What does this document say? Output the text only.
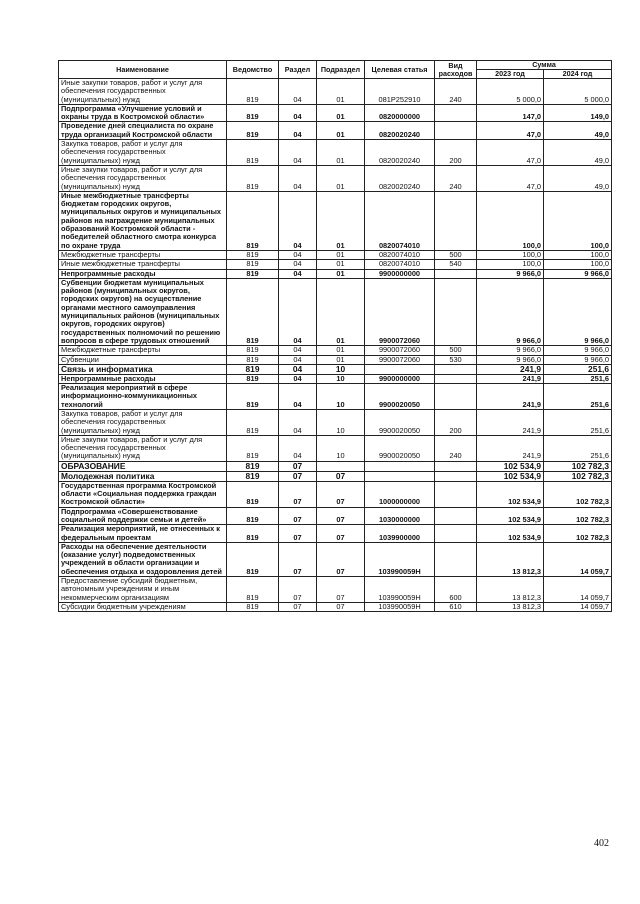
Наименование	Ведомство	Раздел	Подраздел	Целевая статья	Вид расходов	Сумма	
						2023 год	2024 год
Иные закупки товаров, работ и услуг для обеспечения государственных (муниципальных) нужд	819	04	01	081P252910	240	5 000,0	5 000,0
Подпрограмма «Улучшение условий и охраны труда в Костромской области»	819	04	01	0820000000		147,0	149,0
Проведение дней специалиста по охране труда организаций Костромской области	819	04	01	0820020240		47,0	49,0
Закупка товаров, работ и услуг для обеспечения государственных (муниципальных) нужд	819	04	01	0820020240	200	47,0	49,0
Иные закупки товаров, работ и услуг для обеспечения государственных (муниципальных) нужд	819	04	01	0820020240	240	47,0	49,0
Иные межбюджетные трансферты бюджетам городских округов, муниципальных округов и муниципальных районов на награждение муниципальных образований Костромской области - победителей областного смотра конкурса по охране труда	819	04	01	0820074010		100,0	100,0
Межбюджетные трансферты	819	04	01	0820074010	500	100,0	100,0
Иные межбюджетные трансферты	819	04	01	0820074010	540	100,0	100,0
Непрограммные расходы	819	04	01	9900000000		9 966,0	9 966,0
Субвенции бюджетам муниципальных районов (муниципальных округов, городских округов) на осуществление органами местного самоуправления муниципальных районов (муниципальных округов, городских округов) государственных полномочий по решению вопросов в сфере трудовых отношений	819	04	01	9900072060		9 966,0	9 966,0
Межбюджетные трансферты	819	04	01	9900072060	500	9 966,0	9 966,0
Субвенции	819	04	01	9900072060	530	9 966,0	9 966,0
Связь и информатика	819	04	10			241,9	251,6
Непрограммные расходы	819	04	10	9900000000		241,9	251,6
Реализация мероприятий в сфере информационно-коммуникационных технологий	819	04	10	9900020050		241,9	251,6
Закупка товаров, работ и услуг для обеспечения государственных (муниципальных) нужд	819	04	10	9900020050	200	241,9	251,6
Иные закупки товаров, работ и услуг для обеспечения государственных (муниципальных) нужд	819	04	10	9900020050	240	241,9	251,6
ОБРАЗОВАНИЕ	819	07				102 534,9	102 782,3
Молодежная политика	819	07	07			102 534,9	102 782,3
Государственная программа Костромской области «Социальная поддержка граждан Костромской области»	819	07	07	1000000000		102 534,9	102 782,3
Подпрограмма «Совершенствование социальной поддержки семьи и детей»	819	07	07	1030000000		102 534,9	102 782,3
Реализация мероприятий, не отнесенных к федеральным проектам	819	07	07	1039900000		102 534,9	102 782,3
Расходы на обеспечение деятельности (оказание услуг) подведомственных учреждений в области организации и обеспечения отдыха и оздоровления детей	819	07	07	103990059Н		13 812,3	14 059,7
Предоставление субсидий бюджетным, автономным учреждениям и иным некоммерческим организациям	819	07	07	103990059Н	600	13 812,3	14 059,7
Субсидии бюджетным учреждениям	819	07	07	103990059Н	610	13 812,3	14 059,7
402
